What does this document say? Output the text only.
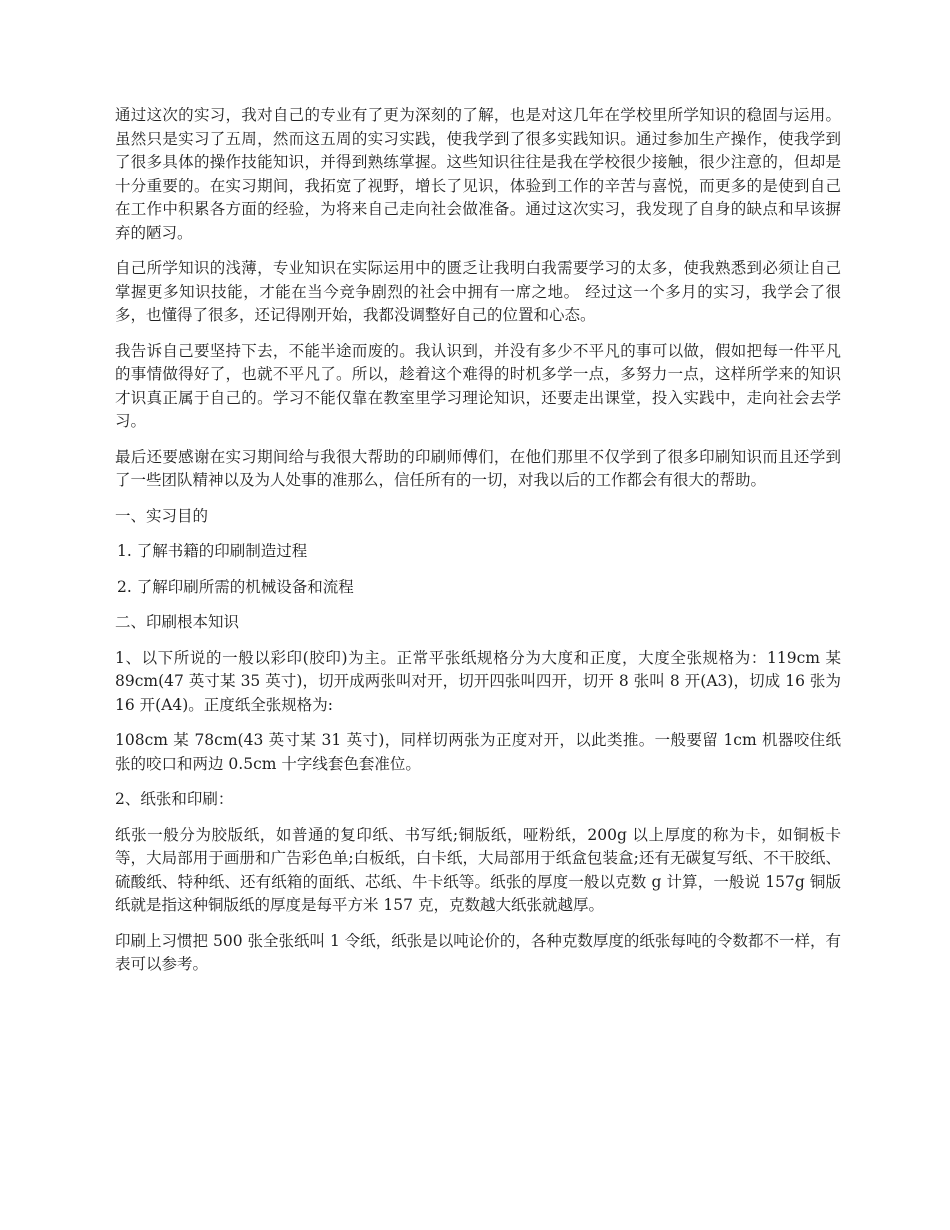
通过这次的实习，我对自己的专业有了更为深刻的了解，也是对这几年在学校里所学知识的稳固与运用。虽然只是实习了五周，然而这五周的实习实践，使我学到了很多实践知识。通过参加生产操作，使我学到了很多具体的操作技能知识，并得到熟练掌握。这些知识往往是我在学校很少接触，很少注意的，但却是十分重要的。在实习期间，我拓宽了视野，增长了见识，体验到工作的辛苦与喜悦，而更多的是使到自己在工作中积累各方面的经验，为将来自己走向社会做准备。通过这次实习，我发现了自身的缺点和早该摒弃的陋习。

自己所学知识的浅薄，专业知识在实际运用中的匮乏让我明白我需要学习的太多，使我熟悉到必须让自己掌握更多知识技能，才能在当今竞争剧烈的社会中拥有一席之地。 经过这一个多月的实习，我学会了很多，也懂得了很多，还记得刚开始，我都没调整好自己的位置和心态。

我告诉自己要坚持下去，不能半途而废的。我认识到，并没有多少不平凡的事可以做，假如把每一件平凡的事情做得好了，也就不平凡了。所以，趁着这个难得的时机多学一点，多努力一点，这样所学来的知识才识真正属于自己的。学习不能仅靠在教室里学习理论知识，还要走出课堂，投入实践中，走向社会去学习。

最后还要感谢在实习期间给与我很大帮助的印刷师傅们，在他们那里不仅学到了很多印刷知识而且还学到了一些团队精神以及为人处事的准那么，信任所有的一切，对我以后的工作都会有很大的帮助。

一、实习目的

1. 了解书籍的印刷制造过程

2. 了解印刷所需的机械设备和流程

二、印刷根本知识

1、以下所说的一般以彩印(胶印)为主。正常平张纸规格分为大度和正度，大度全张规格为：119cm 某 89cm(47 英寸某 35 英寸)，切开成两张叫对开，切开四张叫四开，切开 8 张叫 8 开(A3)，切成 16 张为 16 开(A4)。正度纸全张规格为:

108cm 某 78cm(43 英寸某 31 英寸)，同样切两张为正度对开，以此类推。一般要留 1cm 机器咬住纸张的咬口和两边 0.5cm 十字线套色套准位。

2、纸张和印刷：

纸张一般分为胶版纸，如普通的复印纸、书写纸;铜版纸，哑粉纸，200g 以上厚度的称为卡，如铜板卡等，大局部用于画册和广告彩色单;白板纸，白卡纸，大局部用于纸盒包装盒;还有无碳复写纸、不干胶纸、硫酸纸、特种纸、还有纸箱的面纸、芯纸、牛卡纸等。纸张的厚度一般以克数 g 计算，一般说 157g 铜版纸就是指这种铜版纸的厚度是每平方米 157 克，克数越大纸张就越厚。

印刷上习惯把 500 张全张纸叫 1 令纸，纸张是以吨论价的，各种克数厚度的纸张每吨的令数都不一样，有表可以参考。
